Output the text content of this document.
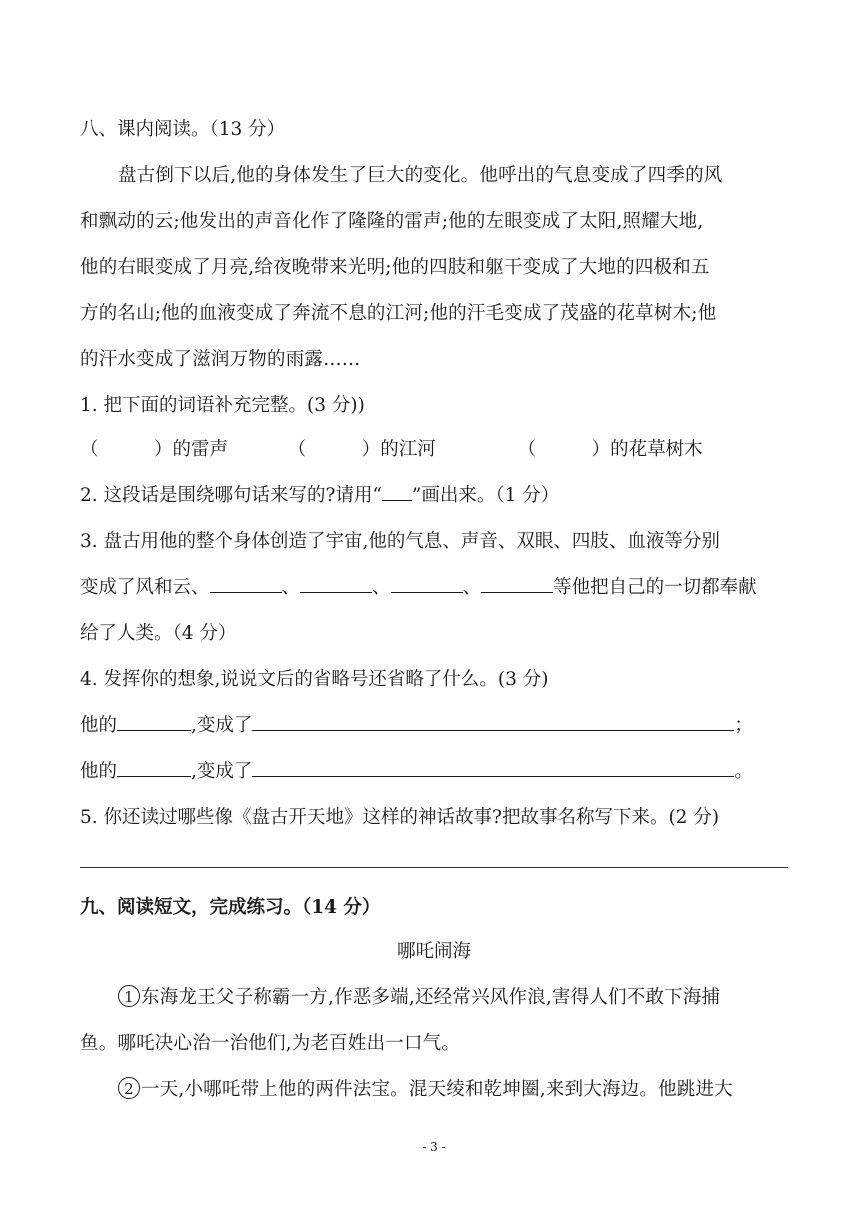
八、课内阅读。（13 分）
盘古倒下以后,他的身体发生了巨大的变化。他呼出的气息变成了四季的风
和飘动的云;他发出的声音化作了隆隆的雷声;他的左眼变成了太阳,照耀大地,
他的右眼变成了月亮,给夜晚带来光明;他的四肢和躯干变成了大地的四极和五
方的名山;他的血液变成了奔流不息的江河;他的汗毛变成了茂盛的花草树木;他
的汗水变成了滋润万物的雨露……
1. 把下面的词语补充完整。(3 分))
（　　　）的雷声	（　　　）的江河	（　　　）的花草树木
2. 这段话是围绕哪句话来写的?请用“ ”画出来。（1 分）
3. 盘古用他的整个身体创造了宇宙,他的气息、声音、双眼、四肢、血液等分别
变成了风和云、	、	、	、	等他把自己的一切都奉献
给了人类。（4 分）
4. 发挥你的想象,说说文后的省略号还省略了什么。(3 分)
他的	,变成了	；
他的	,变成了	。
5. 你还读过哪些像《盘古开天地》这样的神话故事?把故事名称写下来。(2 分)
九、阅读短文，完成练习。（14 分）
哪吒闹海
1 东海龙王父子称霸一方,作恶多端,还经常兴风作浪,害得人们不敢下海捕
鱼。哪吒决心治一治他们,为老百姓出一口气。
2 一天,小哪吒带上他的两件法宝。混天绫和乾坤圈,来到大海边。他跳进大
- 3 -
